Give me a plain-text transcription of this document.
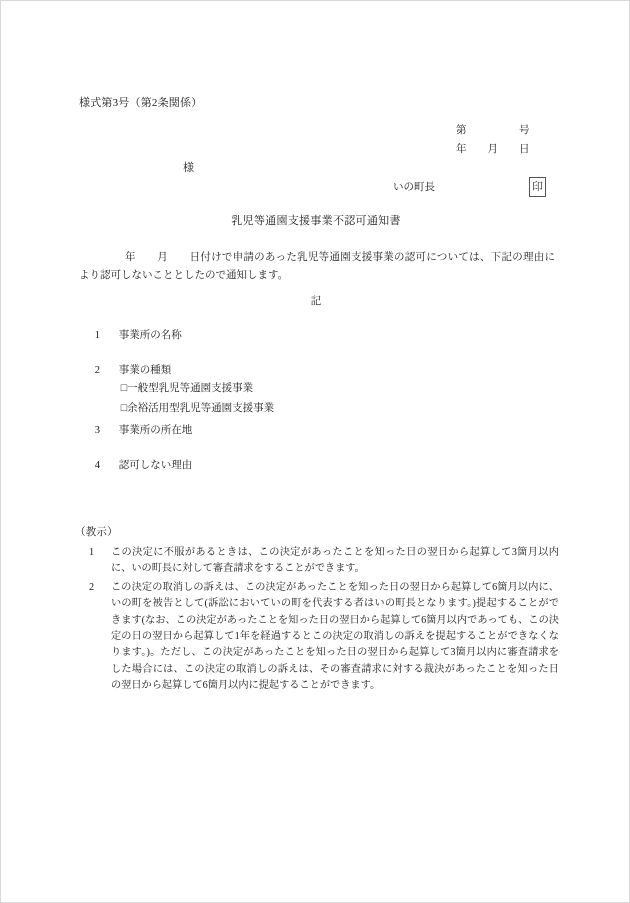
様式第3号（第2条関係）
第　　　　　号
年　　月　　日
様
いの町長	印
乳児等通園支援事業不認可通知書
年　　月　　日付けで申請のあった乳児等通園支援事業の認可については、下記の理由により認可しないこととしたので通知します。
記

1 事業所の名称

2 事業の種類

□一般型乳児等通園支援事業

□余裕活用型乳児等通園支援事業

3 事業所の所在地

4 認可しない理由

（教示）
1 この決定に不服があるときは、この決定があったことを知った日の翌日から起算して3箇月以内に、いの町長に対して審査請求をすることができます。
2 この決定の取消しの訴えは、この決定があったことを知った日の翌日から起算して6箇月以内に、いの町を被告として(訴訟においていの町を代表する者はいの町長となります。)提起することができます(なお、この決定があったことを知った日の翌日から起算して6箇月以内であっても、この決定の日の翌日から起算して1年を経過するとこの決定の取消しの訴えを提起することができなくなります。)。ただし、この決定があったことを知った日の翌日から起算して3箇月以内に審査請求をした場合には、この決定の取消しの訴えは、その審査請求に対する裁決があったことを知った日の翌日から起算して6箇月以内に提起することができます。
